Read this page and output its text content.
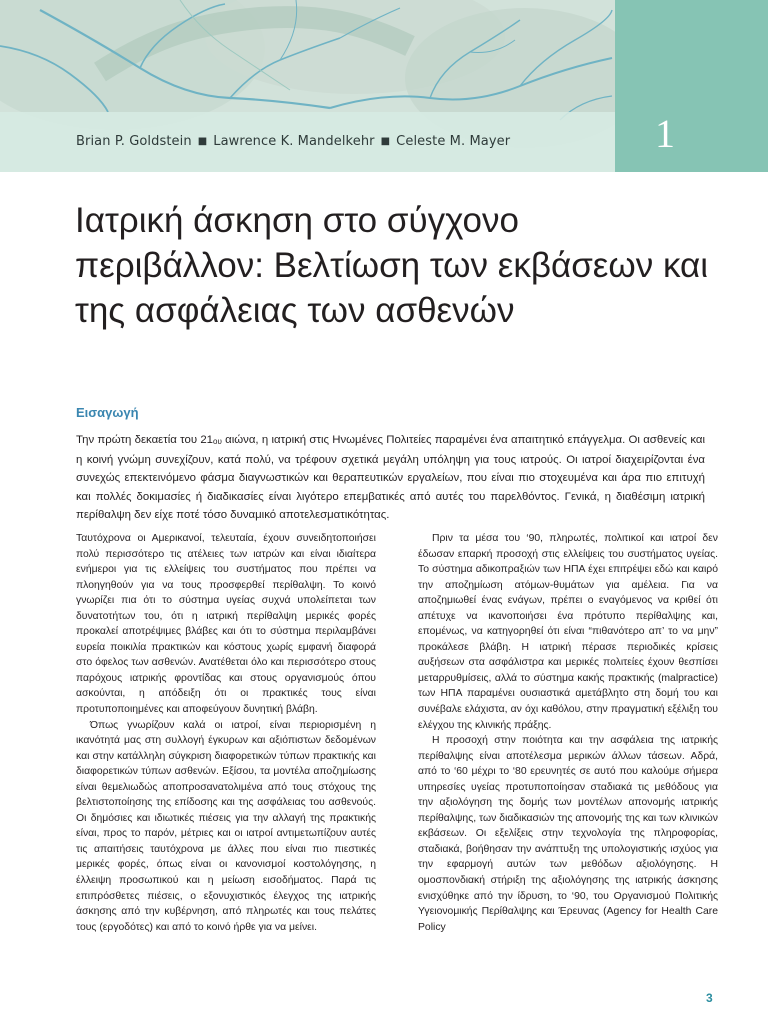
1
Brian P. Goldstein ■ Lawrence K. Mandelkehr ■ Celeste M. Mayer
Ιατρική άσκηση στο σύγχονο περιβάλλον: Βελτίωση των εκβάσεων και της ασφάλειας των ασθενών
Εισαγωγή

Την πρώτη δεκαετία του $21_{o\upsilon}$ αιώνα, η ιατρική στις Ηνωμένες Πολιτείες παραμένει ένα απαιτητικό επάγγελμα. Οι ασθενείς και η κοινή γνώμη συνεχίζουν, κατά πολύ, να τρέφουν σχετικά μεγάλη υπόληψη για τους ιατρούς. Οι ιατροί διαχειρίζονται ένα συνεχώς επεκτεινόμενο φάσμα διαγνωστικών και θεραπευτικών εργαλείων, που είναι πιο στοχευμένα και άρα πιο επιτυχή και πολλές δοκιμασίες ή διαδικασίες είναι λιγότερο επεμβατικές από αυτές του παρελθόντος. Γενικά, η διαθέσιμη ιατρική περίθαλψη δεν είχε ποτέ τόσο δυναμικό αποτελεσματικότητας.

Ταυτόχρονα οι Αμερικανοί, τελευταία, έχουν συνειδητοποιήσει πολύ περισσότερο τις ατέλειες των ιατρών και είναι ιδιαίτερα ενήμεροι για τις ελλείψεις του συστήματος που πρέπει να πλοηγηθούν για να τους προσφερθεί περίθαλψη. Το κοινό γνωρίζει πια ότι το σύστημα υγείας συχνά υπολείπεται των δυνατοτήτων του, ότι η ιατρική περίθαλψη μερικές φορές προκαλεί αποτρέψιμες βλάβες και ότι το σύστημα περιλαμβάνει ευρεία ποικιλία πρακτικών και κόστους χωρίς εμφανή διαφορά στο όφελος των ασθενών. Ανατέθεται όλο και περισσότερο στους παρόχους ιατρικής φροντίδας και στους οργανισμούς όπου ασκούνται, η απόδειξη ότι οι πρακτικές τους είναι προτυποποιημένες και αποφεύγουν δυνητική βλάβη.

Όπως γνωρίζουν καλά οι ιατροί, είναι περιορισμένη η ικανότητά μας στη συλλογή έγκυρων και αξιόπιστων δεδομένων και στην κατάλληλη σύγκριση διαφορετικών τύπων πρακτικής και διαφορετικών τύπων ασθενών. Εξίσου, τα μοντέλα αποζημίωσης είναι θεμελιωδώς αποπροσανατολιμένα από τους στόχους της βελτιστοποίησης της επίδοσης και της ασφάλειας του ασθενούς. Οι δημόσιες και ιδιωτικές πιέσεις για την αλλαγή της πρακτικής είναι, προς το παρόν, μέτριες και οι ιατροί αντιμετωπίζουν αυτές τις απαιτήσεις ταυτόχρονα με άλλες που είναι πιο πιεστικές μερικές φορές, όπως είναι οι κανονισμοί κοστολόγησης, η έλλειψη προσωπικού και η μείωση εισοδήματος. Παρά τις επιπρόσθετες πιέσεις, ο εξονυχιστικός έλεγχος της ιατρικής άσκησης από την κυβέρνηση, από πληρωτές και τους πελάτες τους (εργοδότες) και από το κοινό ήρθε για να μείνει.

Πριν τα μέσα του ‘90, πληρωτές, πολιτικοί και ιατροί δεν έδωσαν επαρκή προσοχή στις ελλείψεις του συστήματος υγείας. Το σύστημα αδικοπραξιών των ΗΠΑ έχει επιτρέψει εδώ και καιρό την αποζημίωση ατόμων-θυμάτων για αμέλεια. Για να αποζημιωθεί ένας ενάγων, πρέπει ο εναγόμενος να κριθεί ότι απέτυχε να ικανοποιήσει ένα πρότυπο περίθαλψης και, επομένως, να κατηγορηθεί ότι είναι “πιθανότερο απ’ το να μην” προκάλεσε βλάβη. Η ιατρική πέρασε περιοδικές κρίσεις αυξήσεων στα ασφάλιστρα και μερικές πολιτείες έχουν θεσπίσει μεταρρυθμίσεις, αλλά το σύστημα κακής πρακτικής (malpractice) των ΗΠΑ παραμένει ουσιαστικά αμετάβλητο στη δομή του και συνέβαλε ελάχιστα, αν όχι καθόλου, στην πραγματική εξέλιξη του ελέγχου της κλινικής πράξης.

Η προσοχή στην ποιότητα και την ασφάλεια της ιατρικής περίθαλψης είναι αποτέλεσμα μερικών άλλων τάσεων. Αδρά, από το ‘60 μέχρι το ‘80 ερευνητές σε αυτό που καλούμε σήμερα υπηρεσίες υγείας προτυποποίησαν σταδιακά τις μεθόδους για την αξιολόγηση της δομής των μοντέλων απονομής ιατρικής περίθαλψης, των διαδικασιών της απονομής της και των κλινικών εκβάσεων. Οι εξελίξεις στην τεχνολογία της πληροφορίας, σταδιακά, βοήθησαν την ανάπτυξη της υπολογιστικής ισχύος για την εφαρμογή αυτών των μεθόδων αξιολόγησης. Η ομοσπονδιακή στήριξη της αξιολόγησης της ιατρικής άσκησης ενισχύθηκε από την ίδρυση, το ‘90, του Οργανισμού Πολιτικής Υγειονομικής Περίθαλψης και Έρευνας (Agency for Health Care Policy

3
